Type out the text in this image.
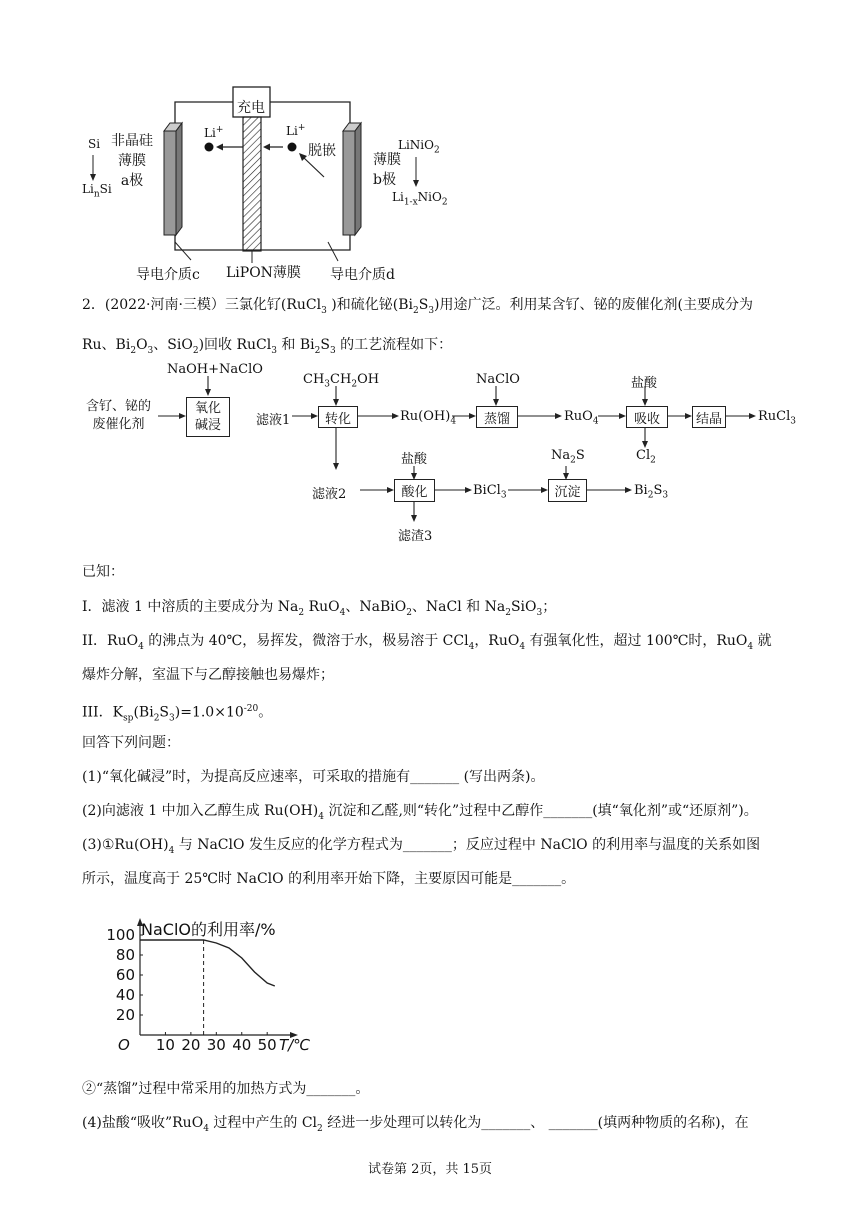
充电
Li+	Li+
脱嵌
Si
$Li_nSi$
非晶硅
薄膜
a极
薄膜
b极
LiNiO$_2$
$Li_{1-x}NiO_2$
导电介质c LiPON薄膜 导电介质d
2．(2022·河南·三模）三氯化钌(RuCl$_3$ )和硫化铋$(Bi_2S_3)$用途广泛。利用某含钌、铋的废催化剂(主要成分为
Ru、$Bi_2O_3$、SiO$_2$)回收 RuCl$_3$ 和 $Bi_2S_3$ 的工艺流程如下：
NaOH+NaClO
$CH_3CH_2OH$	NaClO	盐酸
含钌、铋的
废催化剂
氧化
碱浸	滤液1	转化	$Ru(OH)_4$	蒸馏	RuO$_4$	吸收	结晶	RuCl$_3$
$Cl_2$
盐酸	$Na_2S$
滤液2	酸化	BiCl$_3$	沉淀	$Bi_2S_3$
滤渣3
已知：
I．滤液 1 中溶质的主要成分为 $Na_2$ RuO$_4$、NaBiO$_2$、NaCl 和 $Na_2SiO_3$；
II．RuO$_4$ 的沸点为 40℃，易挥发，微溶于水，极易溶于 CCl$_4$，RuO$_4$ 有强氧化性，超过 100℃时，RuO$_4$ 就
爆炸分解，室温下与乙醇接触也易爆炸；
III．$K_{sp}(Bi_2S_3)=1.0\times 10^{-20}$。
回答下列问题：
(1)“氧化碱浸”时，为提高反应速率，可采取的措施有_______ (写出两条)。
(2)向滤液 1 中加入乙醇生成 $Ru(OH)_4$ 沉淀和乙醛,则“转化”过程中乙醇作_______(填“氧化剂”或“还原剂”)。
$(3)①Ru(OH)_4$ 与 NaClO 发生反应的化学方程式为_______；反应过程中 NaClO 的利用率与温度的关系如图
所示，温度高于 25℃时 NaClO 的利用率开始下降，主要原因可能是_______。
10 20 30 40 50
20
40
60
80
100 NaClO的利用率/%
T/℃
O
②“蒸馏”过程中常采用的加热方式为_______。
(4)盐酸“吸收”RuO$_4$ 过程中产生的 $Cl_2$ 经进一步处理可以转化为_______、 _______(填两种物质的名称)，在
试卷第 2页，共 15页
